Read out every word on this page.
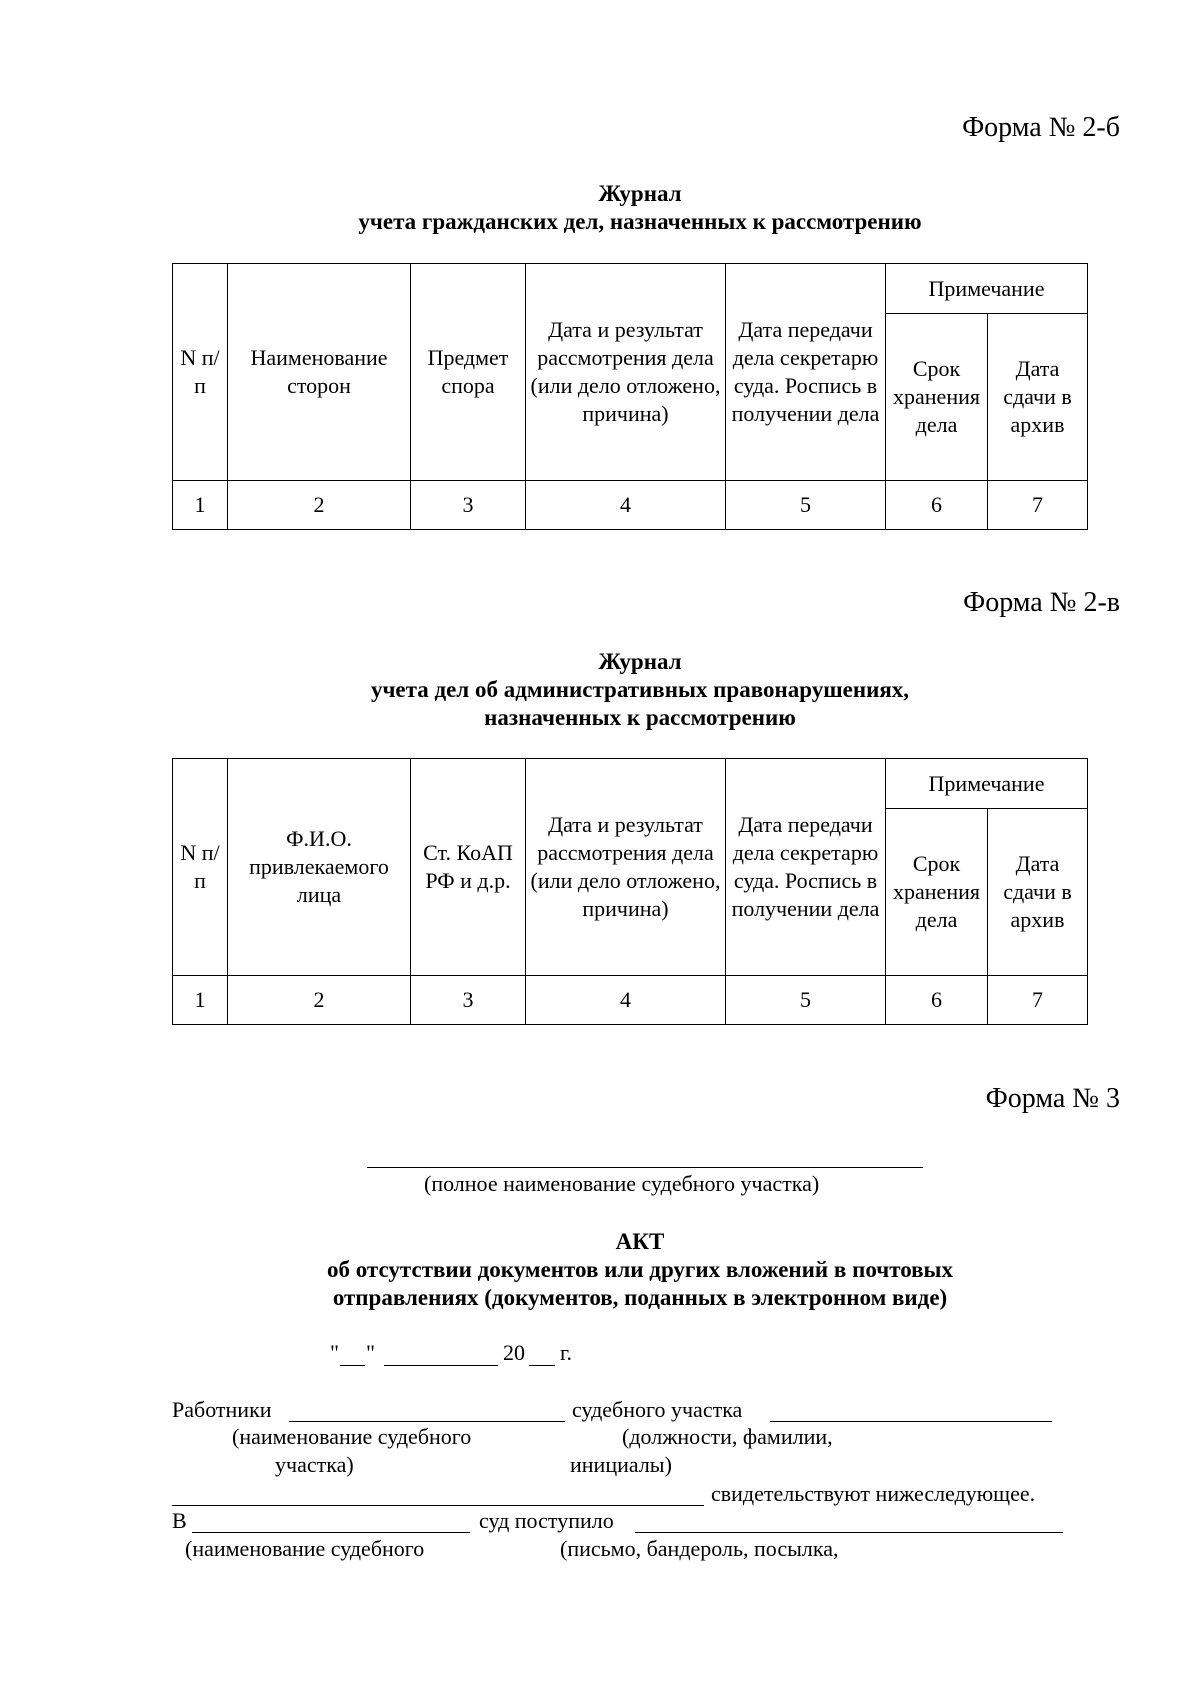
Форма № 2-б
Журнал
учета гражданских дел, назначенных к рассмотрению
N п/п	Наименование сторон	Предмет спора	Дата и результат рассмотрения дела (или дело отложено, причина)	Дата передачи дела секретарю суда. Роспись в получении дела	Примечание	
					Срок хранения дела	Дата сдачи в архив
1	2	3	4	5	6	7
Форма № 2-в
Журнал
учета дел об административных правонарушениях,
назначенных к рассмотрению
N п/п	Ф.И.О. привлекаемого лица	Ст. КоАП РФ и д.р.	Дата и результат рассмотрения дела (или дело отложено, причина)	Дата передачи дела секретарю суда. Роспись в получении дела	Примечание	
					Срок хранения дела	Дата сдачи в архив
1	2	3	4	5	6	7
Форма № 3
(полное наименование судебного участка)
АКТ
об отсутствии документов или других вложений в почтовых
отправлениях (документов, поданных в электронном виде)
" "	20 г.
Работники	судебного участка
(наименование судебного
участка)
(должности, фамилии,
инициалы)
свидетельствуют нижеследующее.
В	суд поступило
(наименование судебного	(письмо, бандероль, посылка,
